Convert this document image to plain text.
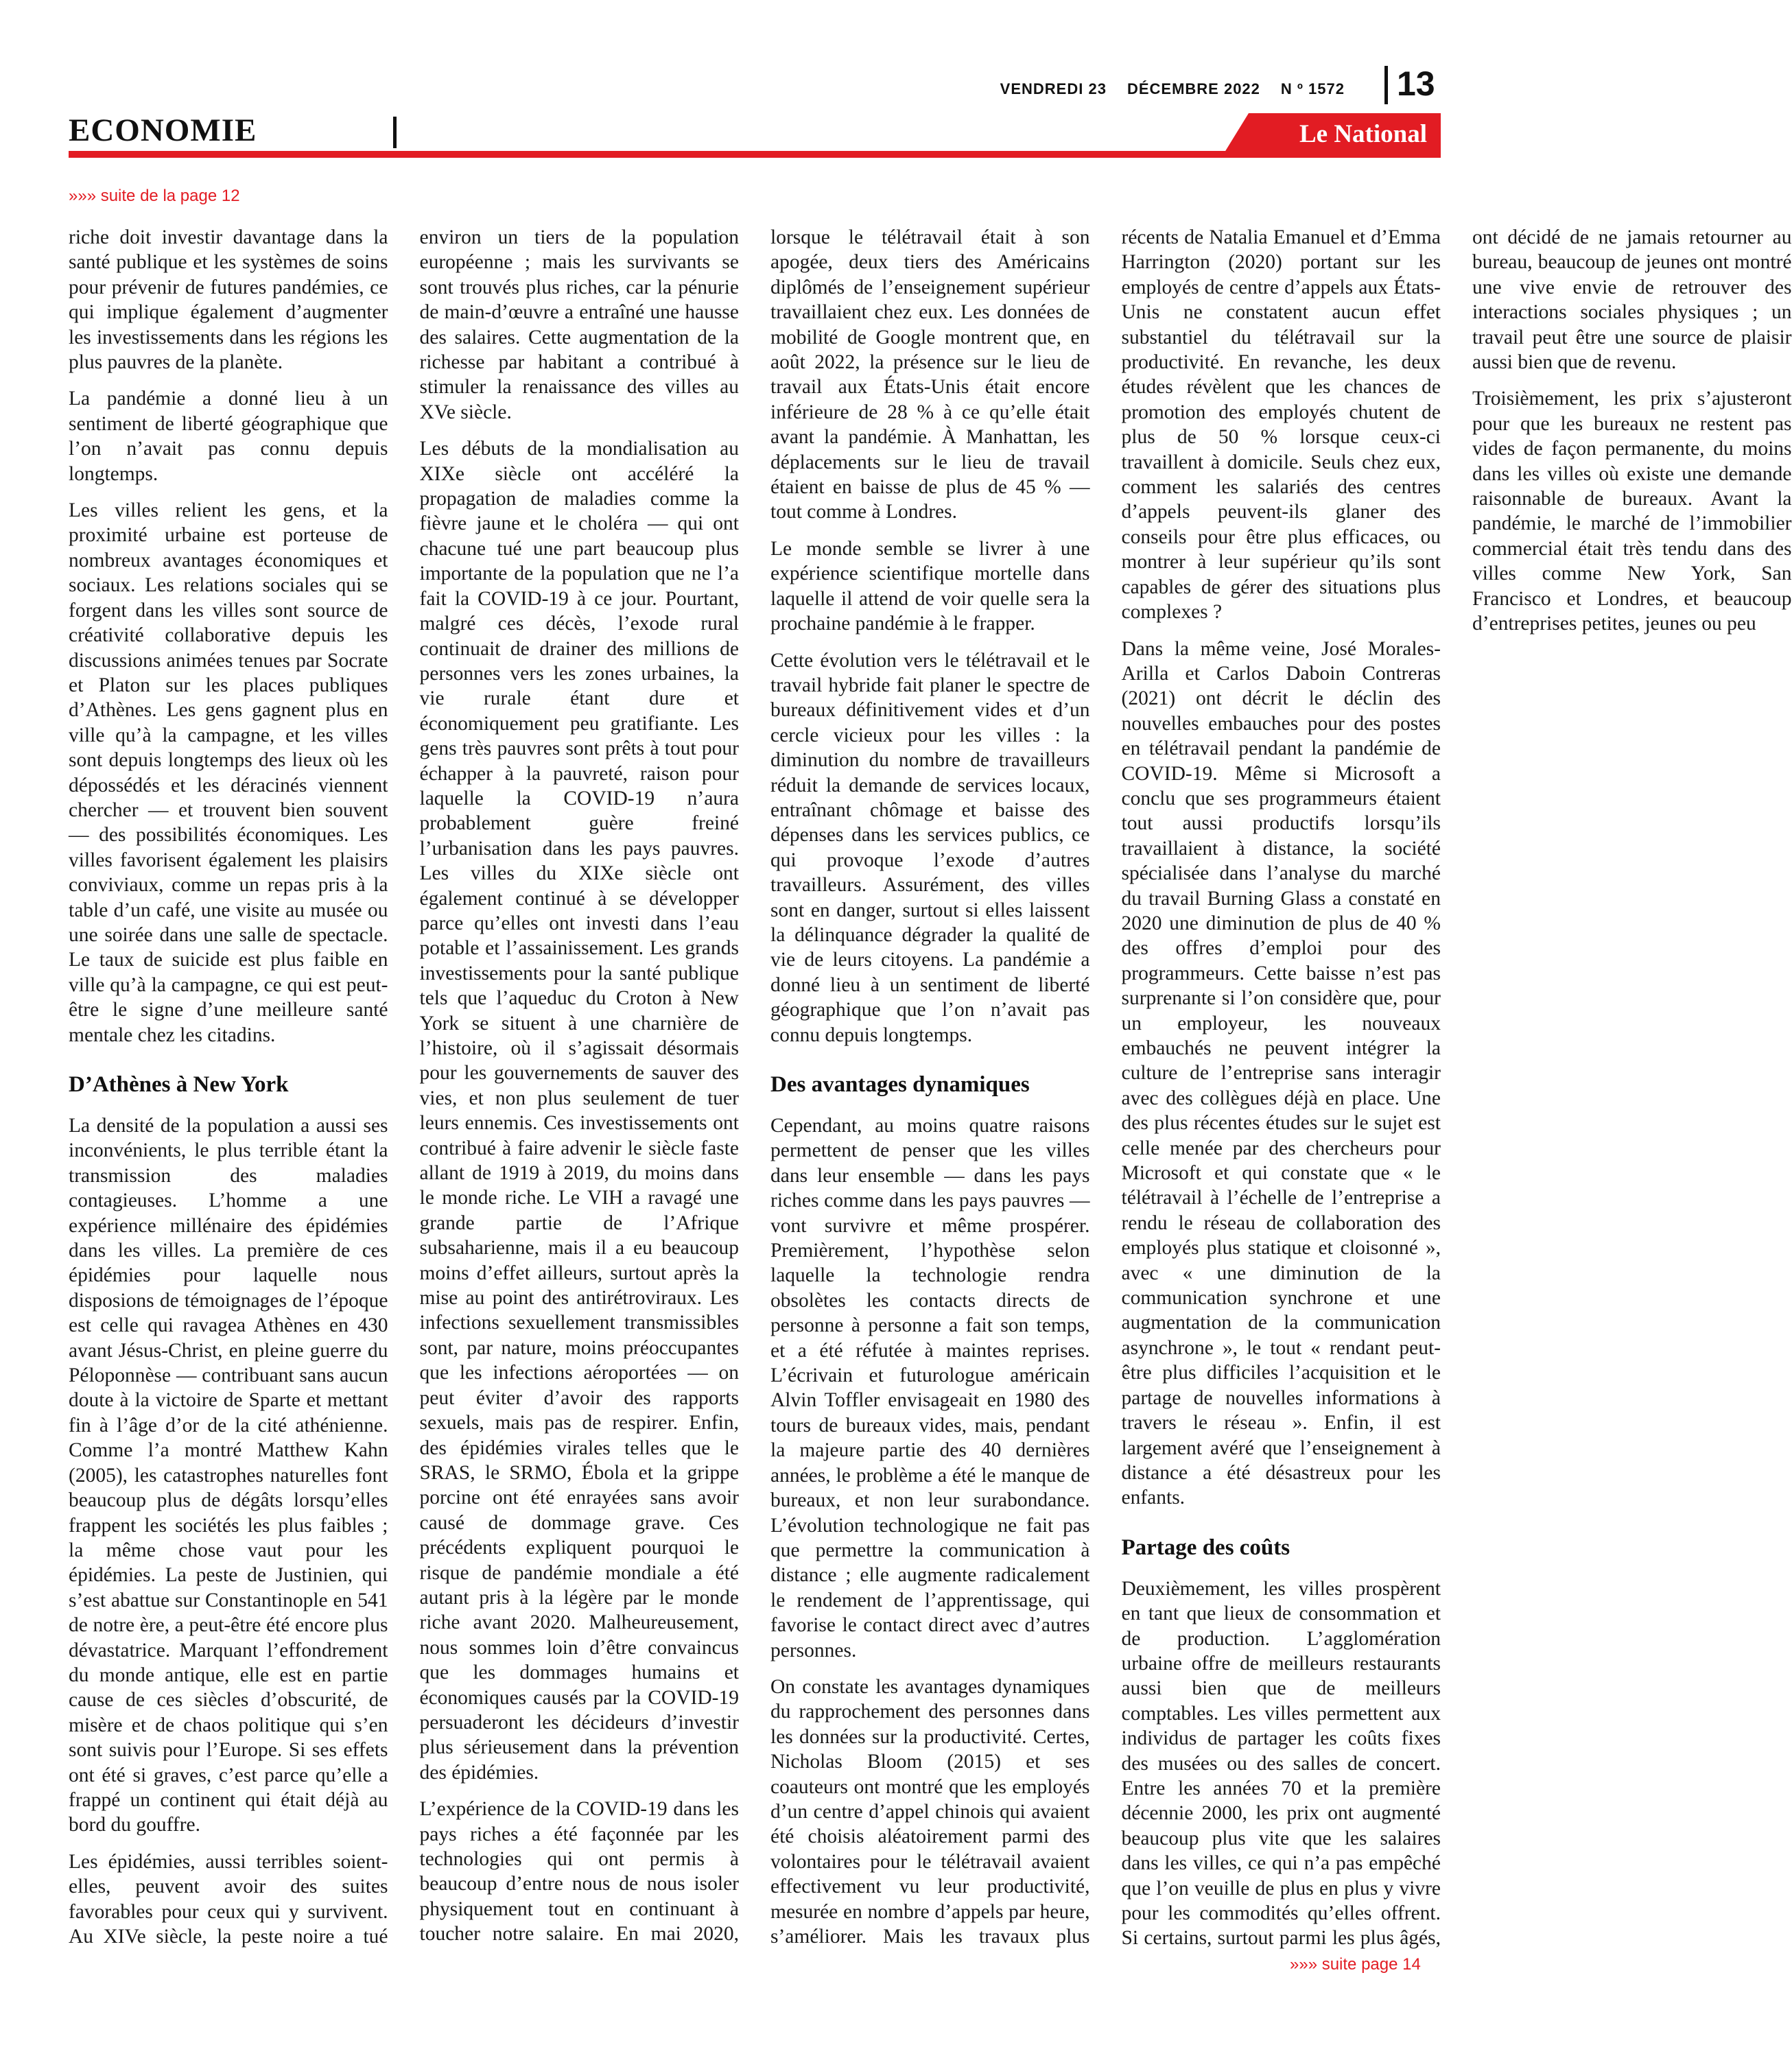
VENDREDI 23 DÉCEMBRE 2022 N º 1572 13
ECONOMIE	Le National
»»» suite de la page 12

riche doit investir davantage dans la santé publique et les systèmes de soins pour prévenir de futures pandémies, ce qui implique également d’augmenter les investissements dans les régions les plus pauvres de la planète.

La pandémie a donné lieu à un sentiment de liberté géographique que l’on n’avait pas connu depuis longtemps.

Les villes relient les gens, et la proximité urbaine est porteuse de nombreux avantages économiques et sociaux. Les relations sociales qui se forgent dans les villes sont source de créativité collaborative depuis les discussions animées tenues par Socrate et Platon sur les places publiques d’Athènes. Les gens gagnent plus en ville qu’à la campagne, et les villes sont depuis longtemps des lieux où les dépossédés et les déracinés viennent chercher — et trouvent bien souvent — des possibilités économiques. Les villes favorisent également les plaisirs conviviaux, comme un repas pris à la table d’un café, une visite au musée ou une soirée dans une salle de spectacle. Le taux de suicide est plus faible en ville qu’à la campagne, ce qui est peut-être le signe d’une meilleure santé mentale chez les citadins.

D’Athènes à New York

La densité de la population a aussi ses inconvénients, le plus terrible étant la transmission des maladies contagieuses. L’homme a une expérience millénaire des épidémies dans les villes. La première de ces épidémies pour laquelle nous disposions de témoignages de l’époque est celle qui ravagea Athènes en 430 avant Jésus-Christ, en pleine guerre du Péloponnèse — contribuant sans aucun doute à la victoire de Sparte et mettant fin à l’âge d’or de la cité athénienne. Comme l’a montré Matthew Kahn (2005), les catastrophes naturelles font beaucoup plus de dégâts lorsqu’elles frappent les sociétés les plus faibles ; la même chose vaut pour les épidémies. La peste de Justinien, qui s’est abattue sur Constantinople en 541 de notre ère, a peut-être été encore plus dévastatrice. Marquant l’effondrement du monde antique, elle est en partie cause de ces siècles d’obscurité, de misère et de chaos politique qui s’en sont suivis pour l’Europe. Si ses effets ont été si graves, c’est parce qu’elle a frappé un continent qui était déjà au bord du gouffre.

Les épidémies, aussi terribles soient-elles, peuvent avoir des suites favorables pour ceux qui y survivent. Au XIVe siècle, la peste noire a tué environ un tiers de la population européenne ; mais les survivants se sont trouvés plus riches, car la pénurie de main-d’œuvre a entraîné une hausse des salaires. Cette augmentation de la richesse par habitant a contribué à stimuler la renaissance des villes au XVe siècle.

Les débuts de la mondialisation au XIXe siècle ont accéléré la propagation de maladies comme la fièvre jaune et le choléra — qui ont chacune tué une part beaucoup plus importante de la population que ne l’a fait la COVID-19 à ce jour. Pourtant, malgré ces décès, l’exode rural continuait de drainer des millions de personnes vers les zones urbaines, la vie rurale étant dure et économiquement peu gratifiante. Les gens très pauvres sont prêts à tout pour échapper à la pauvreté, raison pour laquelle la COVID-19 n’aura probablement guère freiné l’urbanisation dans les pays pauvres. Les villes du XIXe siècle ont également continué à se développer parce qu’elles ont investi dans l’eau potable et l’assainissement. Les grands investissements pour la santé publique tels que l’aqueduc du Croton à New York se situent à une charnière de l’histoire, où il s’agissait désormais pour les gouvernements de sauver des vies, et non plus seulement de tuer leurs ennemis. Ces investissements ont contribué à faire advenir le siècle faste allant de 1919 à 2019, du moins dans le monde riche. Le VIH a ravagé une grande partie de l’Afrique subsaharienne, mais il a eu beaucoup moins d’effet ailleurs, surtout après la mise au point des antirétroviraux. Les infections sexuellement transmissibles sont, par nature, moins préoccupantes que les infections aéroportées — on peut éviter d’avoir des rapports sexuels, mais pas de respirer. Enfin, des épidémies virales telles que le SRAS, le SRMO, Ébola et la grippe porcine ont été enrayées sans avoir causé de dommage grave. Ces précédents expliquent pourquoi le risque de pandémie mondiale a été autant pris à la légère par le monde riche avant 2020. Malheureusement, nous sommes loin d’être convaincus que les dommages humains et économiques causés par la COVID-19 persuaderont les décideurs d’investir plus sérieusement dans la prévention des épidémies.

L’expérience de la COVID-19 dans les pays riches a été façonnée par les technologies qui ont permis à beaucoup d’entre nous de nous isoler physiquement tout en continuant à toucher notre salaire. En mai 2020, lorsque le télétravail était à son apogée, deux tiers des Américains diplômés de l’enseignement supérieur travaillaient chez eux. Les données de mobilité de Google montrent que, en août 2022, la présence sur le lieu de travail aux États-Unis était encore inférieure de 28 % à ce qu’elle était avant la pandémie. À Manhattan, les déplacements sur le lieu de travail étaient en baisse de plus de 45 % — tout comme à Londres.

Le monde semble se livrer à une expérience scientifique mortelle dans laquelle il attend de voir quelle sera la prochaine pandémie à le frapper.

Cette évolution vers le télétravail et le travail hybride fait planer le spectre de bureaux définitivement vides et d’un cercle vicieux pour les villes : la diminution du nombre de travailleurs réduit la demande de services locaux, entraînant chômage et baisse des dépenses dans les services publics, ce qui provoque l’exode d’autres travailleurs. Assurément, des villes sont en danger, surtout si elles laissent la délinquance dégrader la qualité de vie de leurs citoyens. La pandémie a donné lieu à un sentiment de liberté géographique que l’on n’avait pas connu depuis longtemps.

Des avantages dynamiques

Cependant, au moins quatre raisons permettent de penser que les villes dans leur ensemble — dans les pays riches comme dans les pays pauvres — vont survivre et même prospérer. Premièrement, l’hypothèse selon laquelle la technologie rendra obsolètes les contacts directs de personne à personne a fait son temps, et a été réfutée à maintes reprises. L’écrivain et futurologue américain Alvin Toffler envisageait en 1980 des tours de bureaux vides, mais, pendant la majeure partie des 40 dernières années, le problème a été le manque de bureaux, et non leur surabondance. L’évolution technologique ne fait pas que permettre la communication à distance ; elle augmente radicalement le rendement de l’apprentissage, qui favorise le contact direct avec d’autres personnes.

On constate les avantages dynamiques du rapprochement des personnes dans les données sur la productivité. Certes, Nicholas Bloom (2015) et ses coauteurs ont montré que les employés d’un centre d’appel chinois qui avaient été choisis aléatoirement parmi des volontaires pour le télétravail avaient effectivement vu leur productivité, mesurée en nombre d’appels par heure, s’améliorer. Mais les travaux plus récents de Natalia Emanuel et d’Emma Harrington (2020) portant sur les employés de centre d’appels aux États-Unis ne constatent aucun effet substantiel du télétravail sur la productivité. En revanche, les deux études révèlent que les chances de promotion des employés chutent de plus de 50 % lorsque ceux-ci travaillent à domicile. Seuls chez eux, comment les salariés des centres d’appels peuvent-ils glaner des conseils pour être plus efficaces, ou montrer à leur supérieur qu’ils sont capables de gérer des situations plus complexes ?

Dans la même veine, José Morales-Arilla et Carlos Daboin Contreras (2021) ont décrit le déclin des nouvelles embauches pour des postes en télétravail pendant la pandémie de COVID-19. Même si Microsoft a conclu que ses programmeurs étaient tout aussi productifs lorsqu’ils travaillaient à distance, la société spécialisée dans l’analyse du marché du travail Burning Glass a constaté en 2020 une diminution de plus de 40 % des offres d’emploi pour des programmeurs. Cette baisse n’est pas surprenante si l’on considère que, pour un employeur, les nouveaux embauchés ne peuvent intégrer la culture de l’entreprise sans interagir avec des collègues déjà en place. Une des plus récentes études sur le sujet est celle menée par des chercheurs pour Microsoft et qui constate que « le télétravail à l’échelle de l’entreprise a rendu le réseau de collaboration des employés plus statique et cloisonné », avec « une diminution de la communication synchrone et une augmentation de la communication asynchrone », le tout « rendant peut-être plus difficiles l’acquisition et le partage de nouvelles informations à travers le réseau ». Enfin, il est largement avéré que l’enseignement à distance a été désastreux pour les enfants.

Partage des coûts

Deuxièmement, les villes prospèrent en tant que lieux de consommation et de production. L’agglomération urbaine offre de meilleurs restaurants aussi bien que de meilleurs comptables. Les villes permettent aux individus de partager les coûts fixes des musées ou des salles de concert. Entre les années 70 et la première décennie 2000, les prix ont augmenté beaucoup plus vite que les salaires dans les villes, ce qui n’a pas empêché que l’on veuille de plus en plus y vivre pour les commodités qu’elles offrent. Si certains, surtout parmi les plus âgés, ont décidé de ne jamais retourner au bureau, beaucoup de jeunes ont montré une vive envie de retrouver des interactions sociales physiques ; un travail peut être une source de plaisir aussi bien que de revenu.

Troisièmement, les prix s’ajusteront pour que les bureaux ne restent pas vides de façon permanente, du moins dans les villes où existe une demande raisonnable de bureaux. Avant la pandémie, le marché de l’immobilier commercial était très tendu dans des villes comme New York, San Francisco et Londres, et beaucoup d’entreprises petites, jeunes ou peu

»»» suite page 14
